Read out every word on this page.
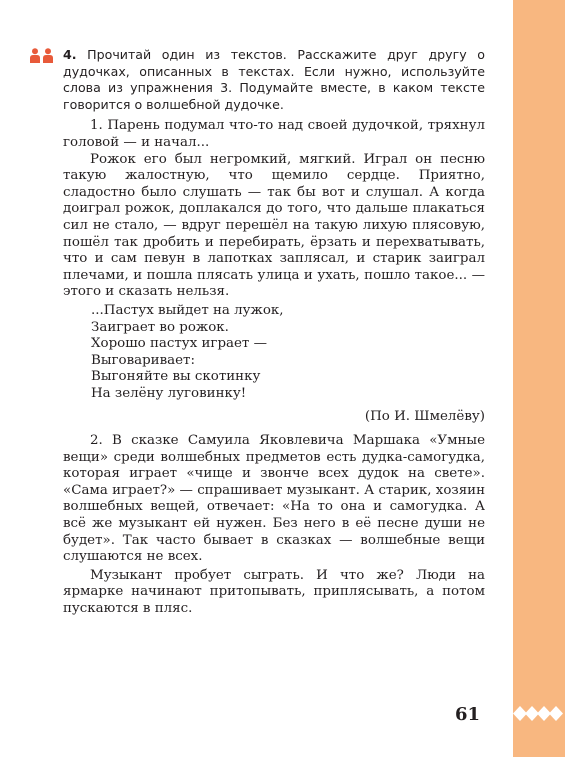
4. Прочитай один из текстов. Расскажите друг другу о дудочках, описанных в текстах. Если нужно, используйте слова из упражнения 3. Подумайте вместе, в каком тексте говорится о волшебной дудочке.

1. Парень подумал что-то над своей дудочкой, тряхнул головой — и начал...

Рожок его был негромкий, мягкий. Играл он песню такую жалостную, что щемило сердце. Приятно, сладостно было слушать — так бы вот и слушал. А когда доиграл рожок, доплакался до того, что дальше плакаться сил не стало, — вдруг перешёл на такую лихую плясовую, пошёл так дробить и перебирать, ёрзать и перехватывать, что и сам певун в лапотках заплясал, и старик заиграл плечами, и пошла плясать улица и ухать, пошло такое... — этого и сказать нельзя.

...Пастух выйдет на лужок,
Заиграет во рожок.
Хорошо пастух играет —
Выговаривает:
Выгоняйте вы скотинку
На зелёну луговинку!
(По И. Шмелёву)

2. В сказке Самуила Яковлевича Маршака «Умные вещи» среди волшебных предметов есть дудка-самогудка, которая играет «чище и звонче всех дудок на свете». «Сама играет?» — спрашивает музыкант. А старик, хозяин волшебных вещей, отвечает: «На то она и самогудка. А всё же музыкант ей нужен. Без него в её песне души не будет». Так часто бывает в сказках — волшебные вещи слушаются не всех.

Музыкант пробует сыграть. И что же? Люди на ярмарке начинают притопывать, приплясывать, а потом пускаются в пляс.

61
